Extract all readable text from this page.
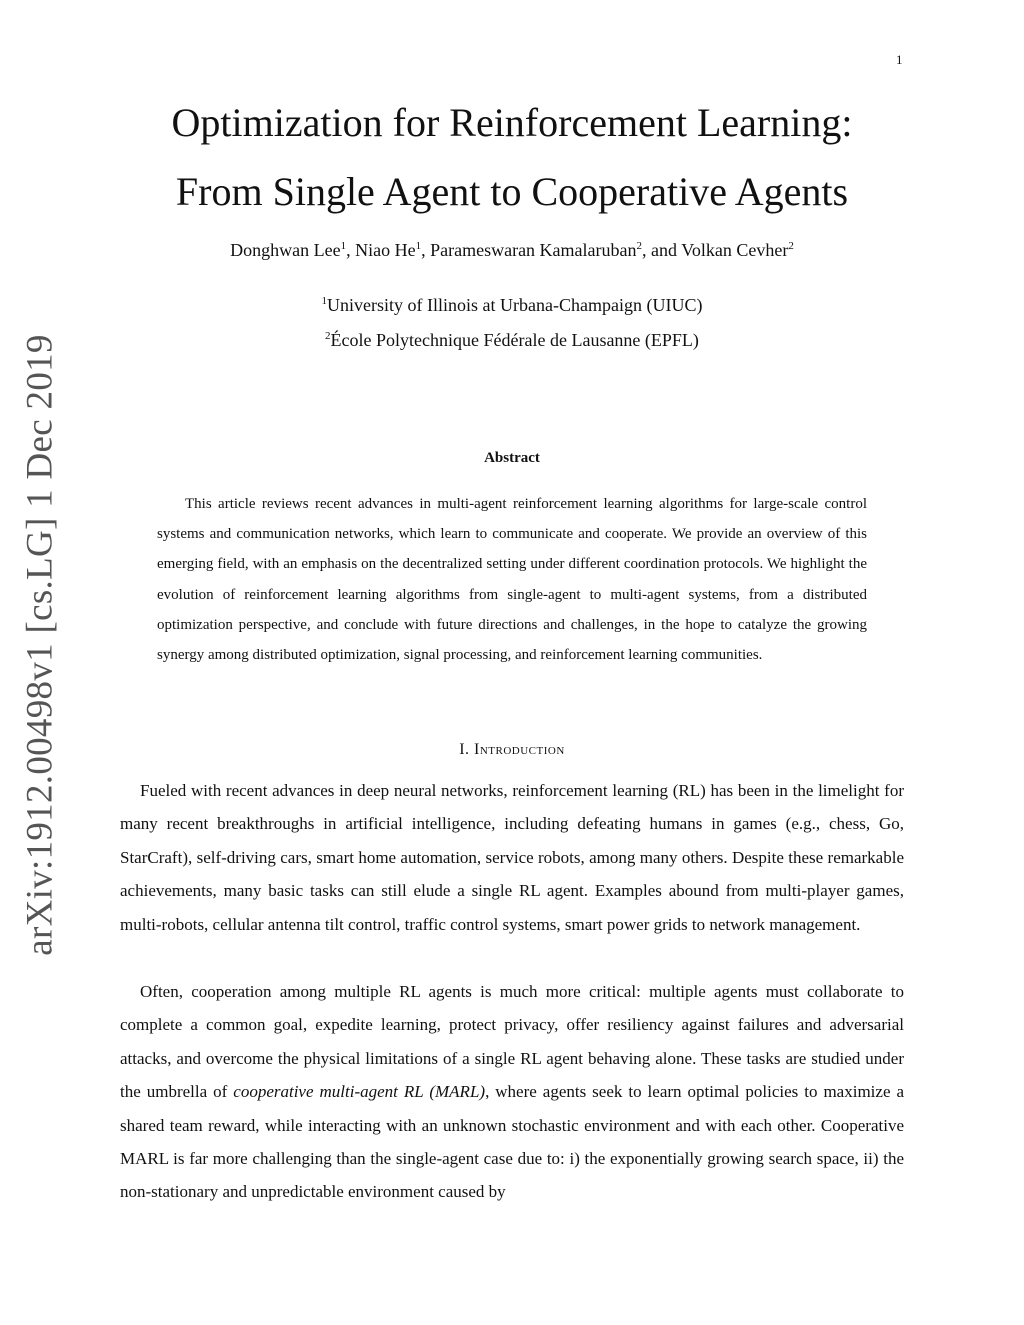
1
arXiv:1912.00498v1 [cs.LG] 1 Dec 2019
Optimization for Reinforcement Learning:
From Single Agent to Cooperative Agents
Donghwan Lee$^1$, Niao He$^1$, Parameswaran Kamalaruban$^2$, and Volkan Cevher$^2$
$^1$University of Illinois at Urbana-Champaign (UIUC)
$^2$École Polytechnique Fédérale de Lausanne (EPFL)
Abstract

This article reviews recent advances in multi-agent reinforcement learning algorithms for large-scale control systems and communication networks, which learn to communicate and cooperate. We provide an overview of this emerging field, with an emphasis on the decentralized setting under different coordination protocols. We highlight the evolution of reinforcement learning algorithms from single-agent to multi-agent systems, from a distributed optimization perspective, and conclude with future directions and challenges, in the hope to catalyze the growing synergy among distributed optimization, signal processing, and reinforcement learning communities.

I. Introduction

Fueled with recent advances in deep neural networks, reinforcement learning (RL) has been in the limelight for many recent breakthroughs in artificial intelligence, including defeating humans in games (e.g., chess, Go, StarCraft), self-driving cars, smart home automation, service robots, among many others. Despite these remarkable achievements, many basic tasks can still elude a single RL agent. Examples abound from multi-player games, multi-robots, cellular antenna tilt control, traffic control systems, smart power grids to network management.

Often, cooperation among multiple RL agents is much more critical: multiple agents must collaborate to complete a common goal, expedite learning, protect privacy, offer resiliency against failures and adversarial attacks, and overcome the physical limitations of a single RL agent behaving alone. These tasks are studied under the umbrella of cooperative multi-agent RL (MARL), where agents seek to learn optimal policies to maximize a shared team reward, while interacting with an unknown stochastic environment and with each other. Cooperative MARL is far more challenging than the single-agent case due to: i) the exponentially growing search space, ii) the non-stationary and unpredictable environment caused by
